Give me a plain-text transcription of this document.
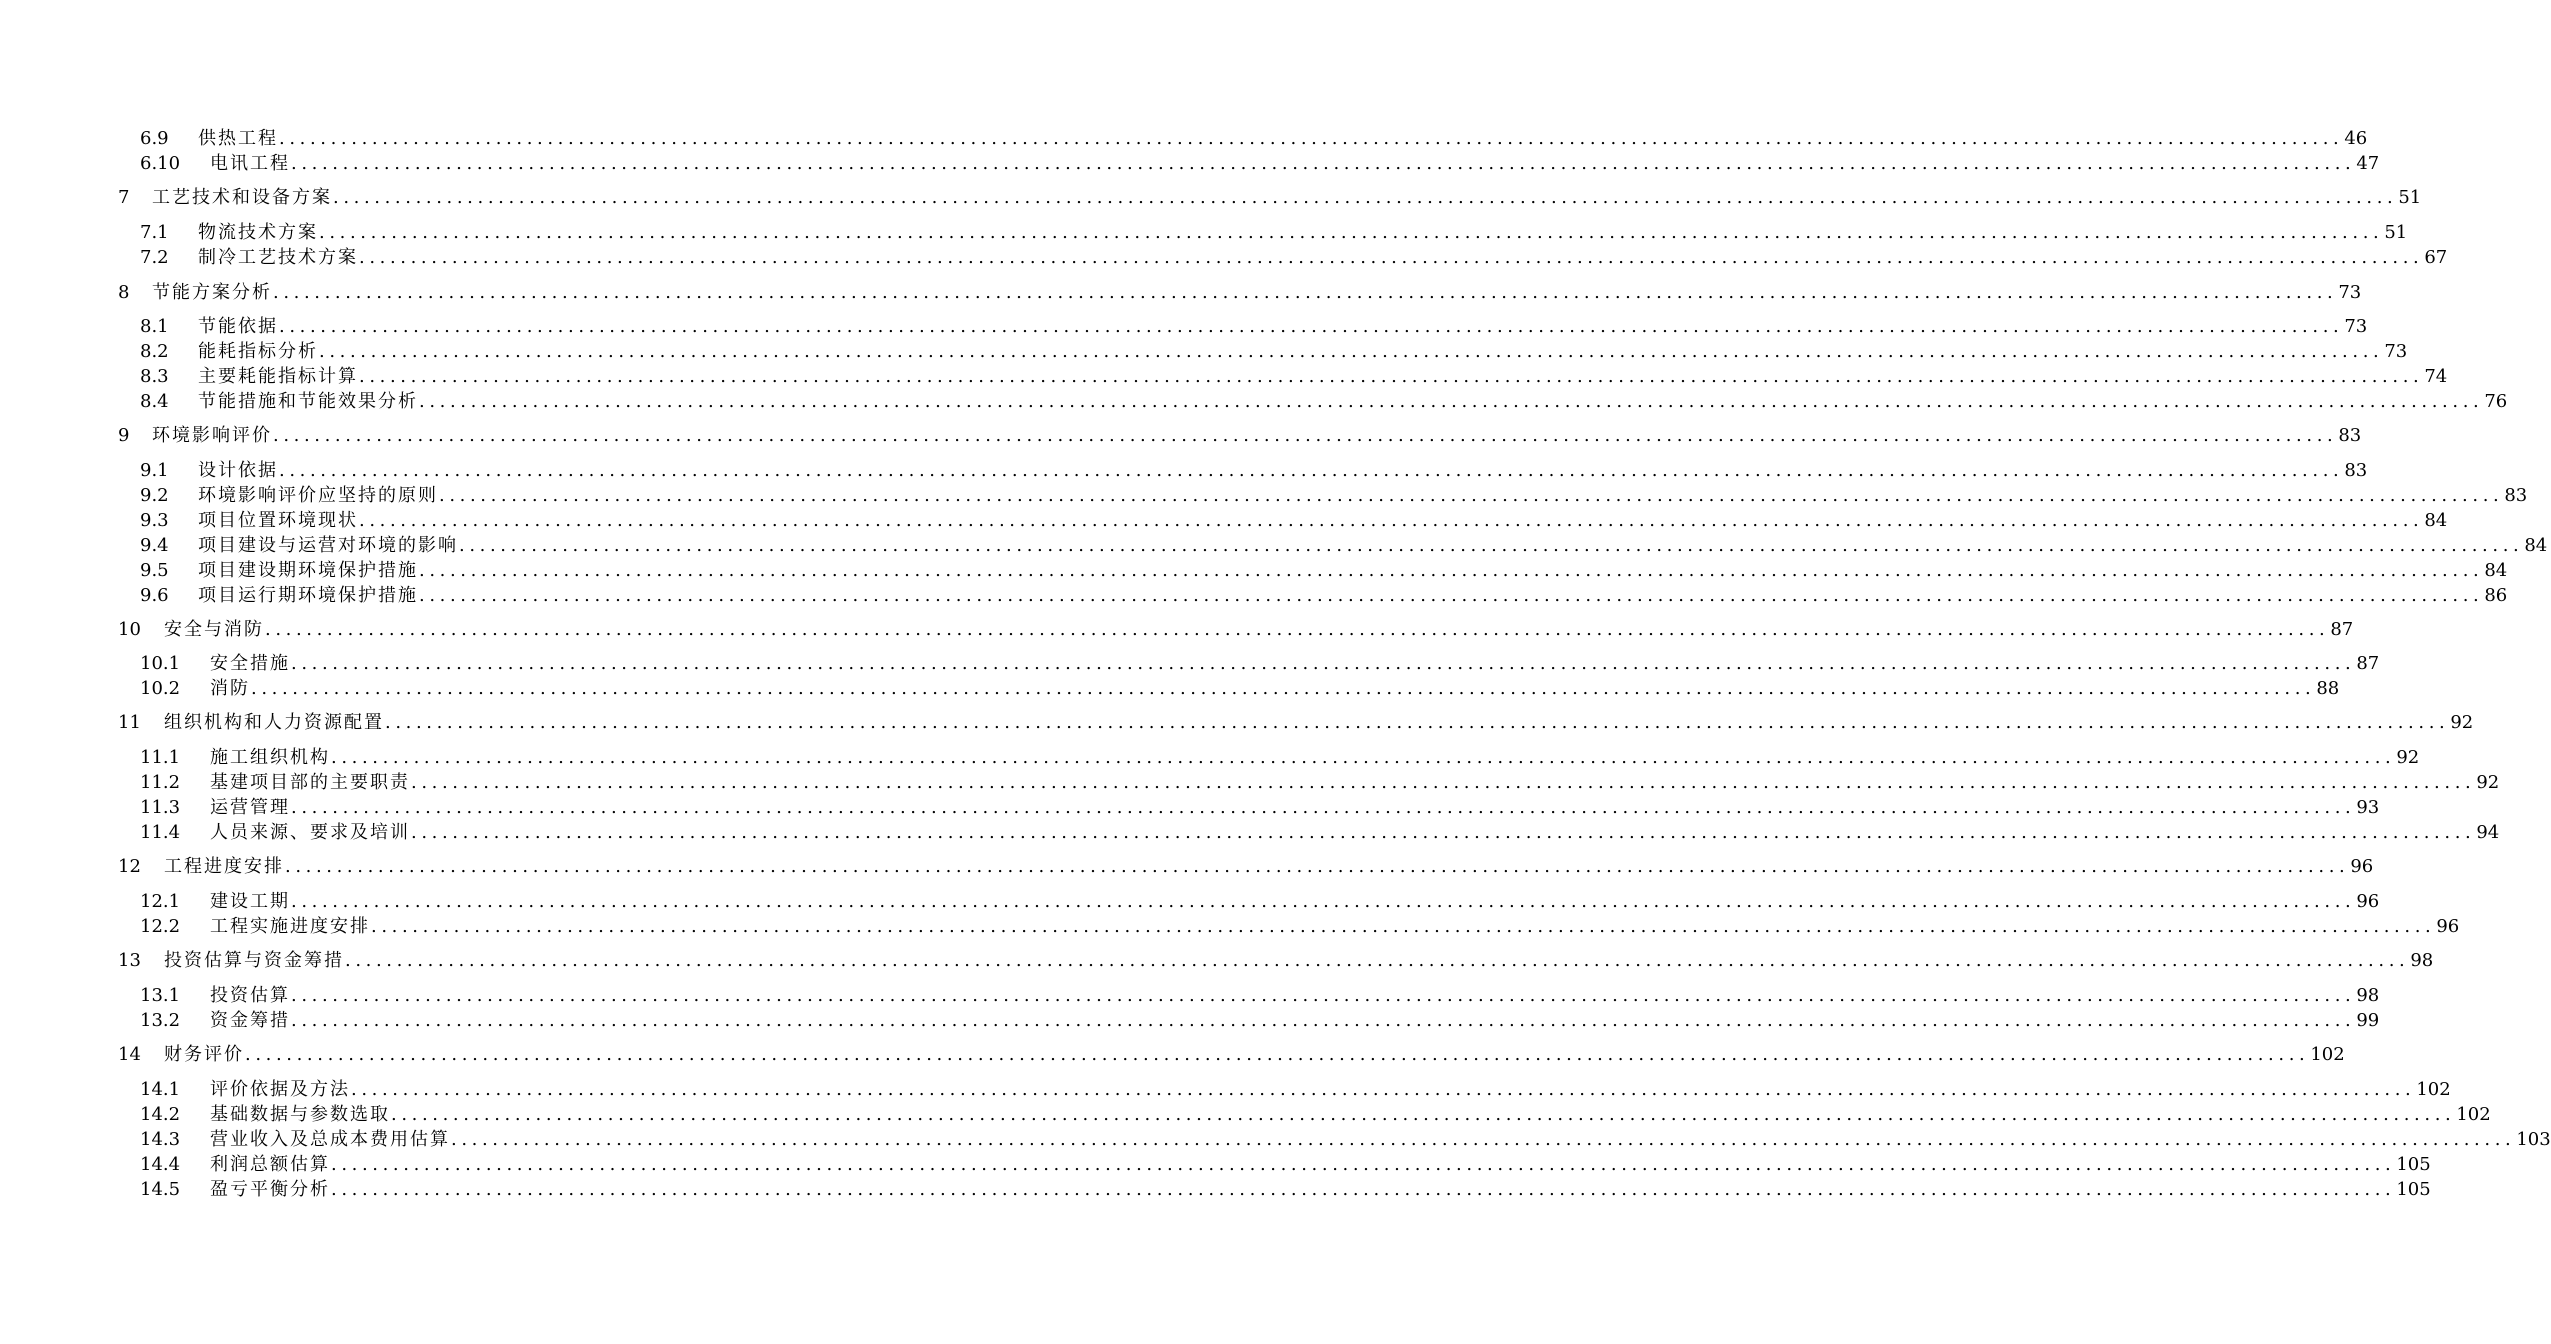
6.9	供热工程 ........................................................................................................................................................................................................ 46
6.10	电讯工程 ........................................................................................................................................................................................................ 47
7	工艺技术和设备方案 ........................................................................................................................................................................................................ 51
7.1	物流技术方案 ........................................................................................................................................................................................................ 51
7.2	制冷工艺技术方案 ........................................................................................................................................................................................................ 67
8	节能方案分析 ........................................................................................................................................................................................................ 73
8.1	节能依据 ........................................................................................................................................................................................................ 73
8.2	能耗指标分析 ........................................................................................................................................................................................................ 73
8.3	主要耗能指标计算 ........................................................................................................................................................................................................ 74
8.4	节能措施和节能效果分析 ........................................................................................................................................................................................................ 76
9	环境影响评价 ........................................................................................................................................................................................................ 83
9.1	设计依据 ........................................................................................................................................................................................................ 83
9.2	环境影响评价应坚持的原则 ........................................................................................................................................................................................................ 83
9.3	项目位置环境现状 ........................................................................................................................................................................................................ 84
9.4	项目建设与运营对环境的影响 ........................................................................................................................................................................................................ 84
9.5	项目建设期环境保护措施 ........................................................................................................................................................................................................ 84
9.6	项目运行期环境保护措施 ........................................................................................................................................................................................................ 86
10	安全与消防 ........................................................................................................................................................................................................ 87
10.1	安全措施 ........................................................................................................................................................................................................ 87
10.2	消防 ........................................................................................................................................................................................................ 88
11	组织机构和人力资源配置 ........................................................................................................................................................................................................ 92
11.1	施工组织机构 ........................................................................................................................................................................................................ 92
11.2	基建项目部的主要职责 ........................................................................................................................................................................................................ 92
11.3	运营管理 ........................................................................................................................................................................................................ 93
11.4	人员来源、要求及培训 ........................................................................................................................................................................................................ 94
12	工程进度安排 ........................................................................................................................................................................................................ 96
12.1	建设工期 ........................................................................................................................................................................................................ 96
12.2	工程实施进度安排 ........................................................................................................................................................................................................ 96
13	投资估算与资金筹措 ........................................................................................................................................................................................................ 98
13.1	投资估算 ........................................................................................................................................................................................................ 98
13.2	资金筹措 ........................................................................................................................................................................................................ 99
14	财务评价 ........................................................................................................................................................................................................ 102
14.1	评价依据及方法 ........................................................................................................................................................................................................ 102
14.2	基础数据与参数选取 ........................................................................................................................................................................................................ 102
14.3	营业收入及总成本费用估算 ........................................................................................................................................................................................................ 103
14.4	利润总额估算 ........................................................................................................................................................................................................ 105
14.5	盈亏平衡分析 ........................................................................................................................................................................................................ 105
